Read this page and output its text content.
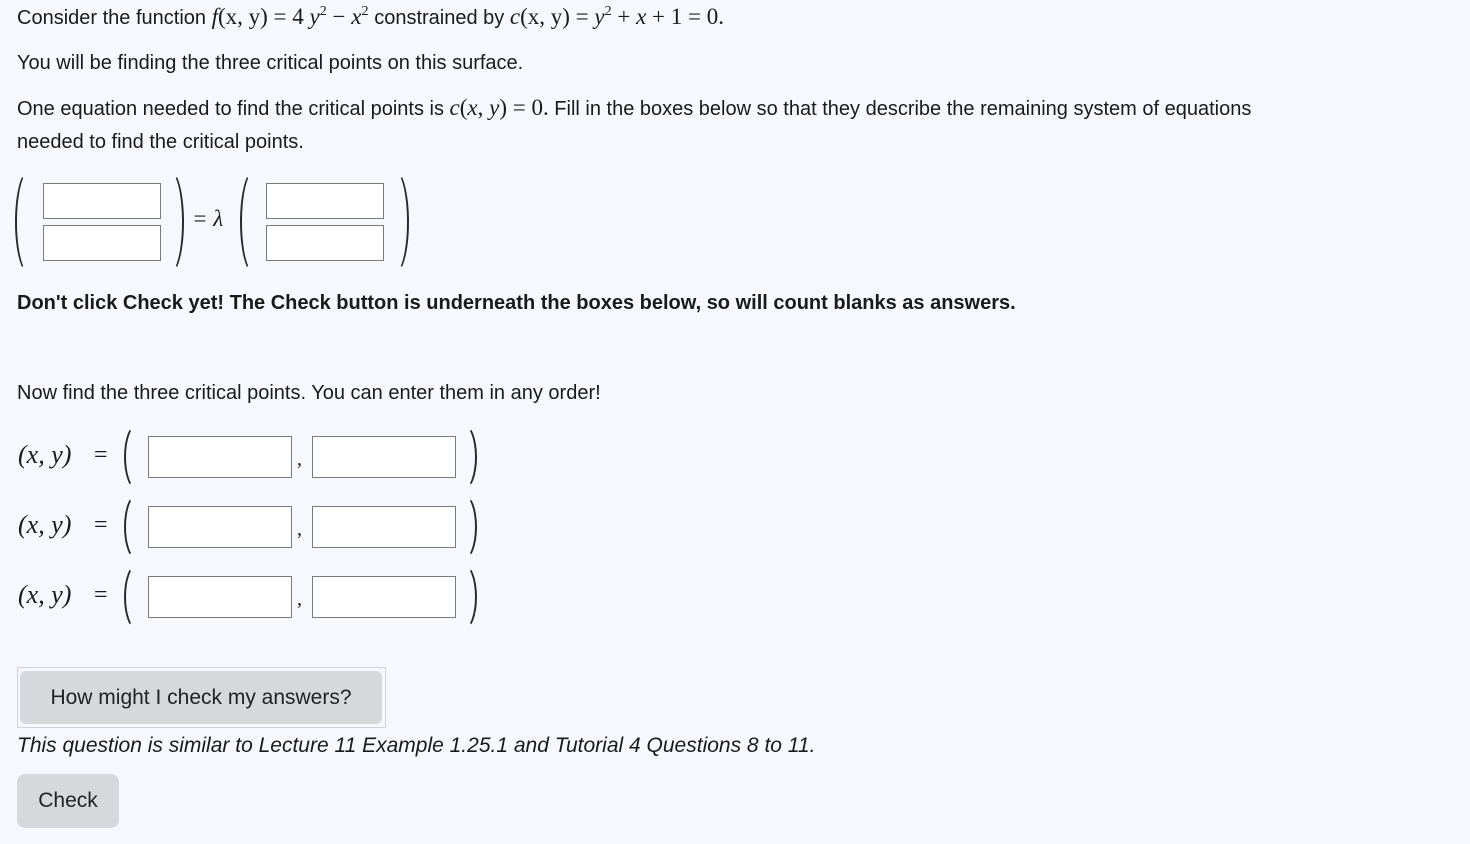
Consider the function f(x, y) = 4 $y^2 - x^2$ constrained by c(x, $y) = y^2 + x + 1 = 0$.

You will be finding the three critical points on this surface.

One equation needed to find the critical points is c(x, y) = 0. Fill in the boxes below so that they describe the remaining system of equations

needed to find the critical points.

= λ

Don't click Check yet! The Check button is underneath the boxes below, so will count blanks as answers.

Now find the three critical points. You can enter them in any order!

(x, y) =	,
(x, y) =	,
(x, y) =	,
How might I check my answers?

This question is similar to Lecture 11 Example 1.25.1 and Tutorial 4 Questions 8 to 11.

Check
